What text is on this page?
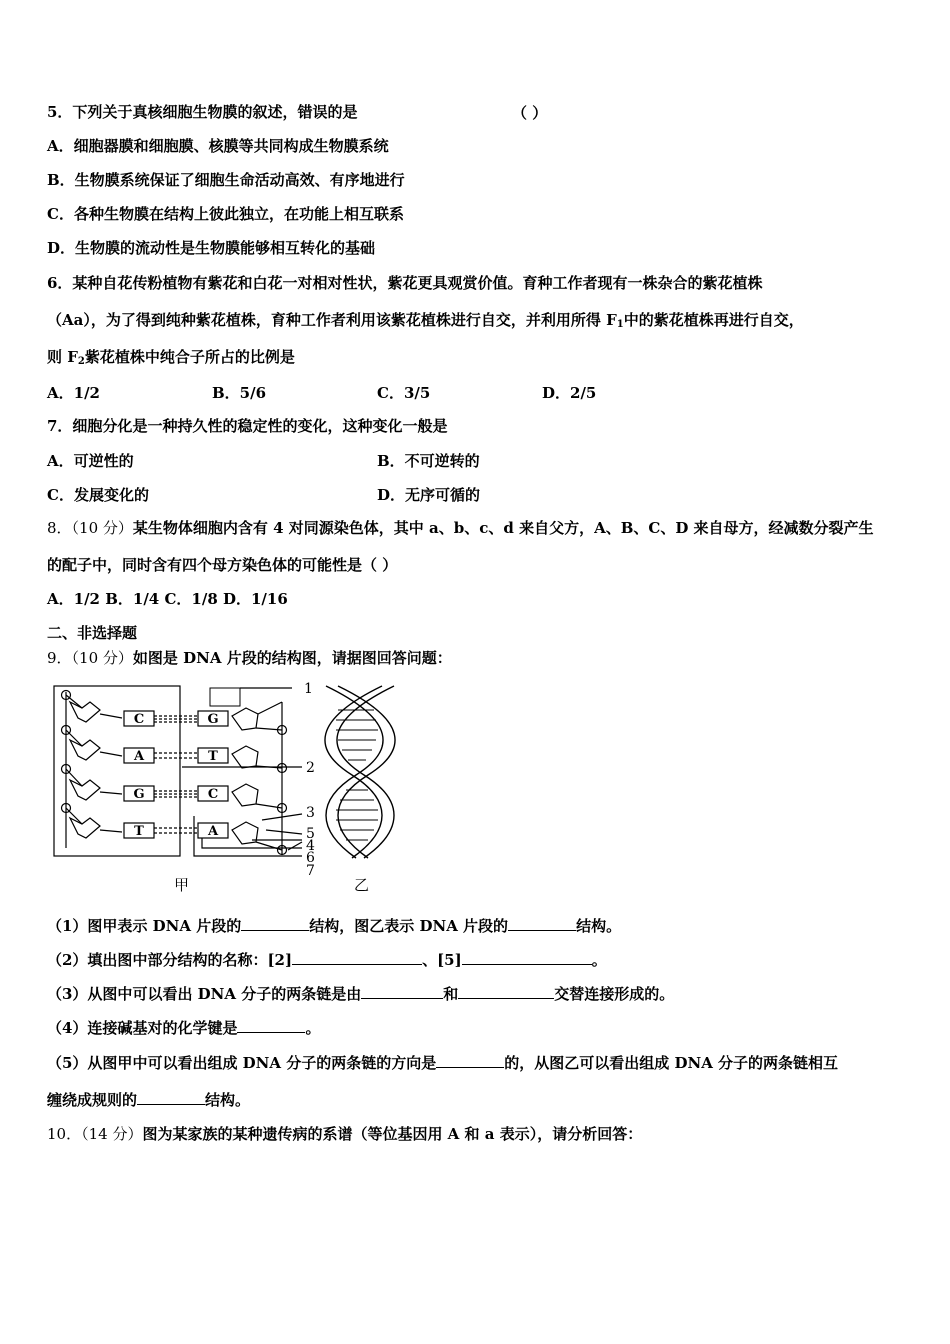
5．下列关于真核细胞生物膜的叙述，错误的是	（ ）
A．细胞器膜和细胞膜、核膜等共同构成生物膜系统
B．生物膜系统保证了细胞生命活动高效、有序地进行
C．各种生物膜在结构上彼此独立，在功能上相互联系
D．生物膜的流动性是生物膜能够相互转化的基础
6．某种自花传粉植物有紫花和白花一对相对性状，紫花更具观赏价值。育种工作者现有一株杂合的紫花植株
（Aa），为了得到纯种紫花植株，育种工作者利用该紫花植株进行自交，并利用所得 $F_1$中的紫花植株再进行自交，
则 $F_2$紫花植株中纯合子所占的比例是
A．1/2	B．5/6	C．3/5	D．2/5
7．细胞分化是一种持久性的稳定性的变化，这种变化一般是
A．可逆性的	B．不可逆转的
C．发展变化的	D．无序可循的
8．（10 分）某生物体细胞内含有 4 对同源染色体，其中 a、b、c、d 来自父方，A、B、C、D 来自母方，经减数分裂产生
的配子中，同时含有四个母方染色体的可能性是（ ）
A．1/2 B．1/4 C．1/8 D．1/16
二、非选择题
9．（10 分）如图是 DNA 片段的结构图，请据图回答问题：
C
A
G
T
G
T
C
A
1
2
3
5
4
6
7
甲	乙
（1）图甲表示 DNA 片段的	结构，图乙表示 DNA 片段的	结构。
（2）填出图中部分结构的名称：[2]	、[5]	。
（3）从图中可以看出 DNA 分子的两条链是由	和	交替连接形成的。
（4）连接碱基对的化学键是	。
（5）从图甲中可以看出组成 DNA 分子的两条链的方向是	的，从图乙可以看出组成 DNA 分子的两条链相互
缠绕成规则的	结构。
10．（14 分）图为某家族的某种遗传病的系谱（等位基因用 A 和 a 表示），请分析回答：
